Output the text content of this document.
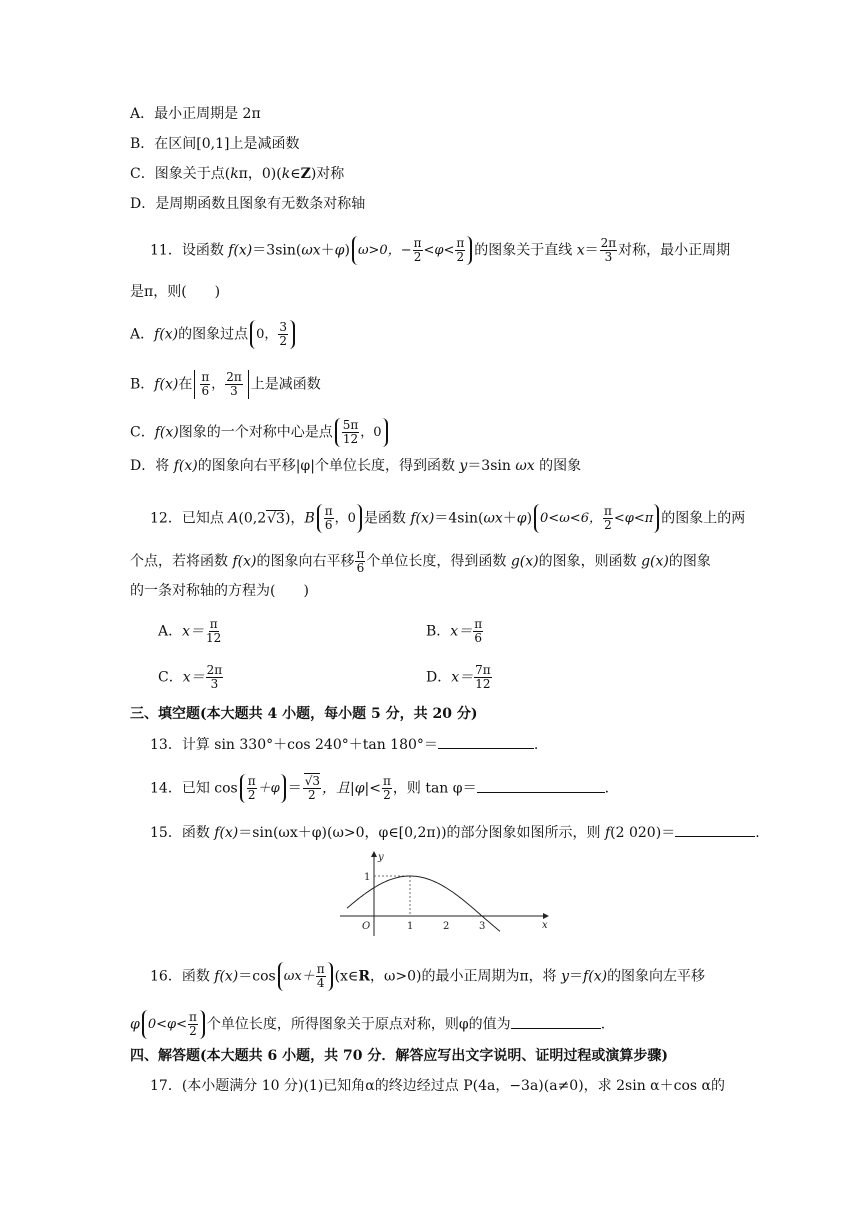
A．最小正周期是 2π
B．在区间[0,1]上是减函数
C．图象关于点(kπ，0)(k∈Z)对称
D．是周期函数且图象有无数条对称轴
11．设函数 f(x)＝3sin(ωx＋φ) ω>0，− $\frac{\pi}{2} <\varphi< \frac{\pi}{2}$ 的图象关于直线 $x= \frac{2\pi}{3}$ 对称，最小正周期
是π，则(　　)
A．f(x)的图象过点 0， $\frac{3}{2}$
B．f(x)在 $\frac{\pi}{6}$ ， $\frac{2\pi}{3}$ 上是减函数
C．f(x)图象的一个对称中心是点 $\frac{5\pi}{12}$ ，0
D．将 f(x)的图象向右平移|φ|个单位长度，得到函数 y＝3sin ωx 的图象
12．已知点 A(0,2√3)，B $\frac{\pi}{6}$ ，0 是函数 f(x)＝4sin(ωx＋φ) 0<ω<6， $\frac{\pi}{2} <\varphi<\pi$ 的图象上的两
个点，若将函数 f(x)的图象向右平移 $\frac{\pi}{6}$ 个单位长度，得到函数 g(x)的图象，则函数 g(x)的图象
的一条对称轴的方程为(　　)
A．$x= \frac{\pi}{12}$	B．$x= \frac{\pi}{6}$
C．$x= \frac{2\pi}{3}$	D．$x= \frac{7\pi}{12}$
三、填空题(本大题共 4 小题，每小题 5 分，共 20 分)
13．计算 sin 330°＋cos 240°＋tan 180°＝	.
14．已知 $\cos \frac{\pi}{2} +\varphi = \frac{√3}{2}$ ，且$|\varphi|< \frac{\pi}{2}$ ，则 tan φ＝	.
15．函数 f(x)＝sin(ωx＋φ)(ω>0，φ∈[0,2π))的部分图象如图所示，则 f(2 020)＝	.
O	1	2	3
1
x
y
16．函数 f(x)＝cos $\omega x+ \frac{\pi}{4}$ (x∈R，ω>0)的最小正周期为π，将 y＝f(x)的图象向左平移
φ $0<\varphi< \frac{\pi}{2}$ 个单位长度，所得图象关于原点对称，则φ的值为	.
四、解答题(本大题共 6 小题，共 70 分．解答应写出文字说明、证明过程或演算步骤)
17．(本小题满分 10 分)(1)已知角α的终边经过点 P(4a，−3a)(a≠0)，求 2sin α＋cos α的
